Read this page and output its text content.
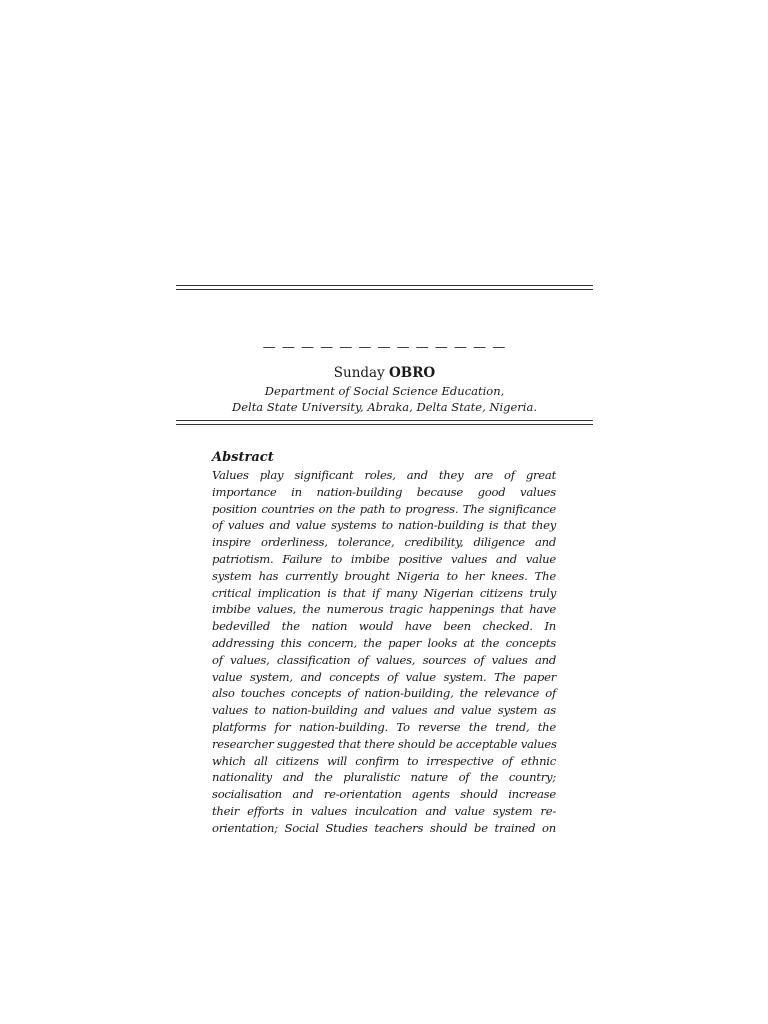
— — — — — — — — — — — — —
Sunday OBRO
Department of Social Science Education,
Delta State University, Abraka, Delta State, Nigeria.
Abstract
Values play significant roles, and they are of great
importance in nation-building because good values
position countries on the path to progress. The significance
of values and value systems to nation-building is that they
inspire orderliness, tolerance, credibility, diligence and
patriotism. Failure to imbibe positive values and value
system has currently brought Nigeria to her knees. The
critical implication is that if many Nigerian citizens truly
imbibe values, the numerous tragic happenings that have
bedevilled the nation would have been checked. In
addressing this concern, the paper looks at the concepts
of values, classification of values, sources of values and
value system, and concepts of value system. The paper
also touches concepts of nation-building, the relevance of
values to nation-building and values and value system as
platforms for nation-building. To reverse the trend, the
researcher suggested that there should be acceptable values
which all citizens will confirm to irrespective of ethnic
nationality and the pluralistic nature of the country;
socialisation and re-orientation agents should increase
their efforts in values inculcation and value system re-
orientation; Social Studies teachers should be trained on
